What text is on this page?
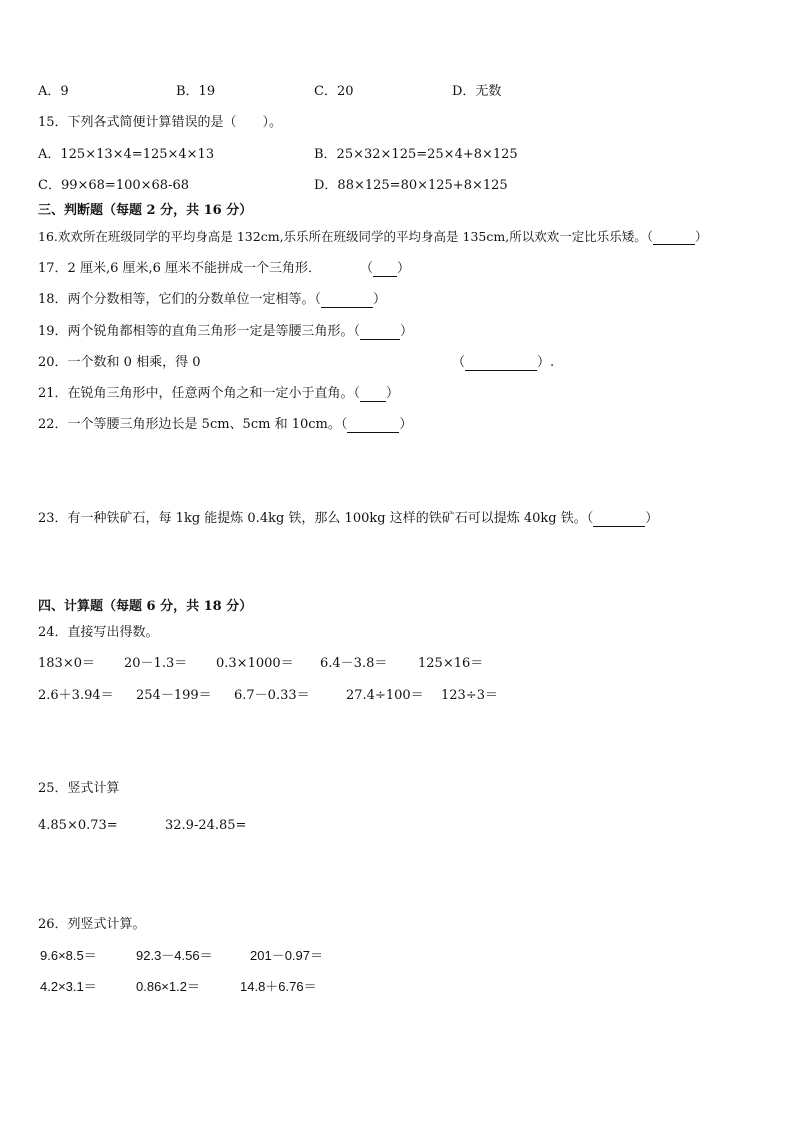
A．9	B．19	C．20	D．无数
15．下列各式简便计算错误的是（　　）。
A．125×13×4=125×4×13	B．25×32×125=25×4+8×125
C．99×68=100×68-68	D．88×125=80×125+8×125
三、判断题（每题 2 分，共 16 分）
16.欢欢所在班级同学的平均身高是 132cm,乐乐所在班级同学的平均身高是 135cm,所以欢欢一定比乐乐矮。（	）
17．2 厘米,6 厘米,6 厘米不能拼成一个三角形．	（ ）
18．两个分数相等，它们的分数单位一定相等。（	）
19．两个锐角都相等的直角三角形一定是等腰三角形。（	）
20．一个数和 0 相乘，得 0	（	）.
21．在锐角三角形中，任意两个角之和一定小于直角。（ ）
22．一个等腰三角形边长是 5cm、5cm 和 10cm。（	）
23．有一种铁矿石，每 1kg 能提炼 0.4kg 铁，那么 100kg 这样的铁矿石可以提炼 40kg 铁。（	）
四、计算题（每题 6 分，共 18 分）
24．直接写出得数。
183×0＝ 20－1.3＝ 0.3×1000＝ 6.4－3.8＝ 125×16＝
2.6＋3.94＝ 254－199＝ 6.7－0.33＝	27.4÷100＝ 123÷3＝
25．竖式计算
4.85×0.73=	32.9-24.85=
26．列竖式计算。
9.6×8.5＝	92.3－4.56＝	201－0.97＝
4.2×3.1＝	0.86×1.2＝	14.8＋6.76＝
